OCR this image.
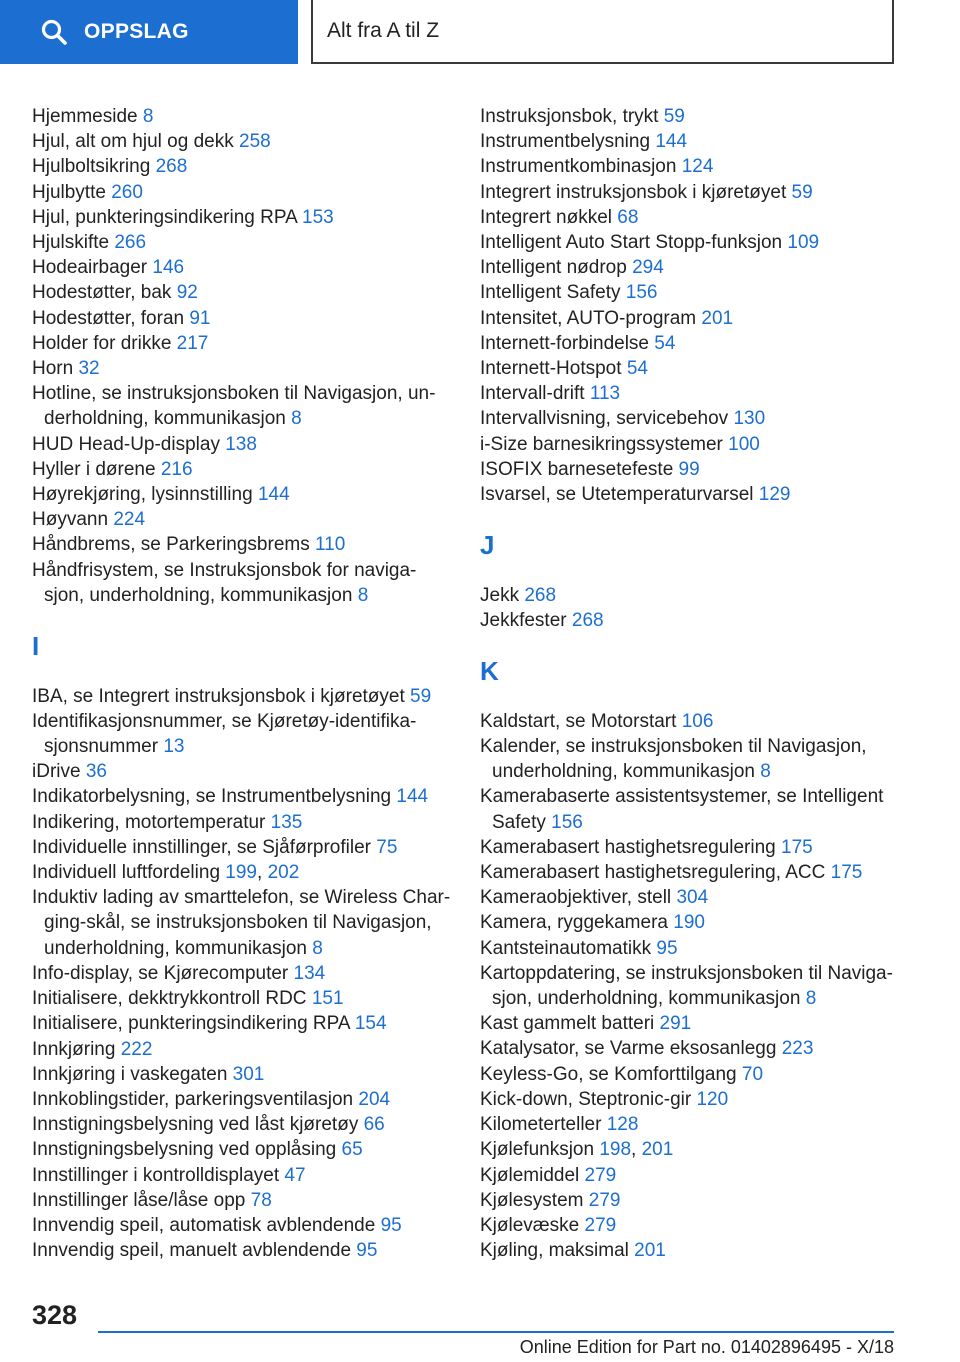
OPPSLAG	Alt fra A til Z
Hjemmeside 8
Hjul, alt om hjul og dekk 258
Hjulboltsikring 268
Hjulbytte 260
Hjul, punkteringsindikering RPA 153
Hjulskifte 266
Hodeairbager 146
Hodestøtter, bak 92
Hodestøtter, foran 91
Holder for drikke 217
Horn 32
Hotline, se instruksjonsboken til Navigasjon, un-
derholdning, kommunikasjon 8
HUD Head-Up-display 138
Hyller i dørene 216
Høyrekjøring, lysinnstilling 144
Høyvann 224
Håndbrems, se Parkeringsbrems 110
Håndfrisystem, se Instruksjonsbok for naviga-
sjon, underholdning, kommunikasjon 8
I
IBA, se Integrert instruksjonsbok i kjøretøyet 59
Identifikasjonsnummer, se Kjøretøy-identifika-
sjonsnummer 13
iDrive 36
Indikatorbelysning, se Instrumentbelysning 144
Indikering, motortemperatur 135
Individuelle innstillinger, se Sjåførprofiler 75
Individuell luftfordeling 199, 202
Induktiv lading av smarttelefon, se Wireless Char-
ging-skål, se instruksjonsboken til Navigasjon,
underholdning, kommunikasjon 8
Info-display, se Kjørecomputer 134
Initialisere, dekktrykkontroll RDC 151
Initialisere, punkteringsindikering RPA 154
Innkjøring 222
Innkjøring i vaskegaten 301
Innkoblingstider, parkeringsventilasjon 204
Innstigningsbelysning ved låst kjøretøy 66
Innstigningsbelysning ved opplåsing 65
Innstillinger i kontrolldisplayet 47
Innstillinger låse/låse opp 78
Innvendig speil, automatisk avblendende 95
Innvendig speil, manuelt avblendende 95
Instruksjonsbok, trykt 59
Instrumentbelysning 144
Instrumentkombinasjon 124
Integrert instruksjonsbok i kjøretøyet 59
Integrert nøkkel 68
Intelligent Auto Start Stopp-funksjon 109
Intelligent nødrop 294
Intelligent Safety 156
Intensitet, AUTO-program 201
Internett-forbindelse 54
Internett-Hotspot 54
Intervall-drift 113
Intervallvisning, servicebehov 130
i-Size barnesikringssystemer 100
ISOFIX barnesetefeste 99
Isvarsel, se Utetemperaturvarsel 129
J
Jekk 268
Jekkfester 268
K
Kaldstart, se Motorstart 106
Kalender, se instruksjonsboken til Navigasjon,
underholdning, kommunikasjon 8
Kamerabaserte assistentsystemer, se Intelligent
Safety 156
Kamerabasert hastighetsregulering 175
Kamerabasert hastighetsregulering, ACC 175
Kameraobjektiver, stell 304
Kamera, ryggekamera 190
Kantsteinautomatikk 95
Kartoppdatering, se instruksjonsboken til Naviga-
sjon, underholdning, kommunikasjon 8
Kast gammelt batteri 291
Katalysator, se Varme eksosanlegg 223
Keyless-Go, se Komforttilgang 70
Kick-down, Steptronic-gir 120
Kilometerteller 128
Kjølefunksjon 198, 201
Kjølemiddel 279
Kjølesystem 279
Kjølevæske 279
Kjøling, maksimal 201
328
Online Edition for Part no. 01402896495 - X/18
